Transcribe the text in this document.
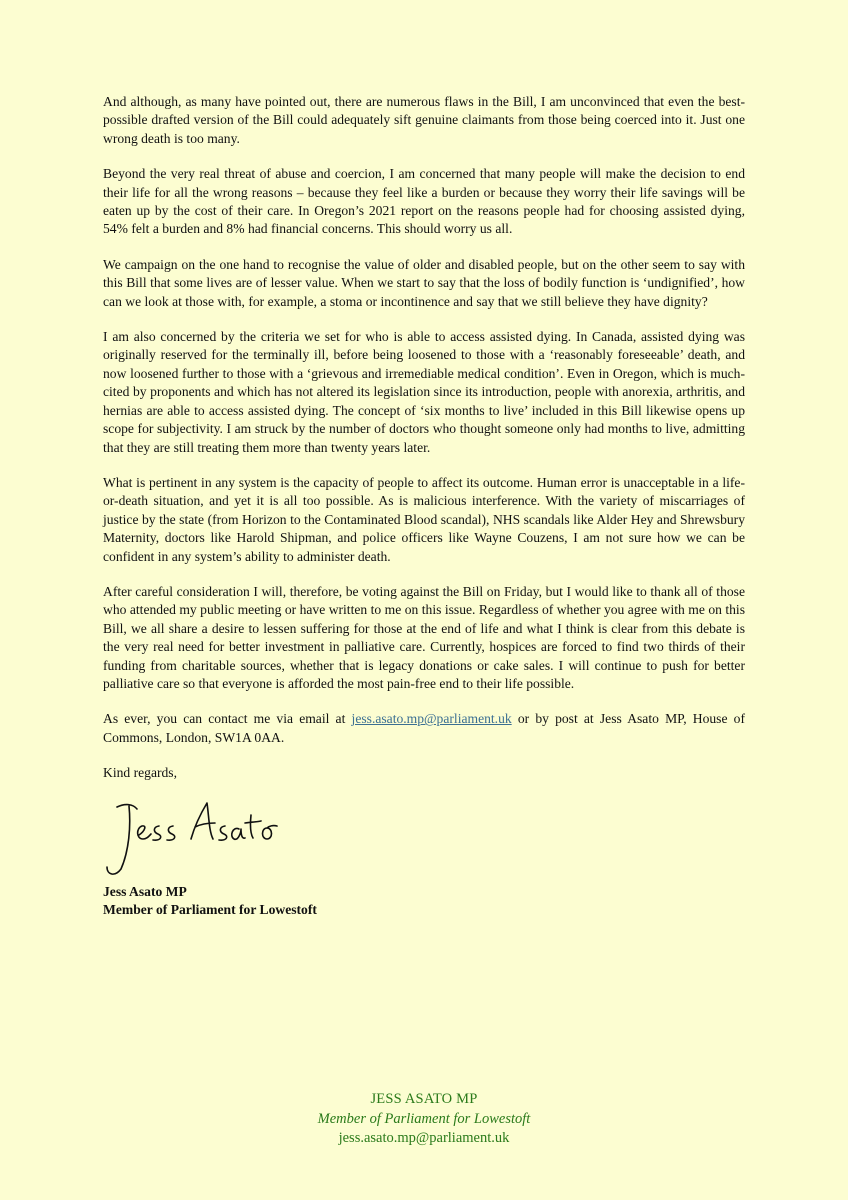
And although, as many have pointed out, there are numerous flaws in the Bill, I am unconvinced that even the best-possible drafted version of the Bill could adequately sift genuine claimants from those being coerced into it. Just one wrong death is too many.

Beyond the very real threat of abuse and coercion, I am concerned that many people will make the decision to end their life for all the wrong reasons – because they feel like a burden or because they worry their life savings will be eaten up by the cost of their care. In Oregon’s 2021 report on the reasons people had for choosing assisted dying, 54% felt a burden and 8% had financial concerns. This should worry us all.

We campaign on the one hand to recognise the value of older and disabled people, but on the other seem to say with this Bill that some lives are of lesser value. When we start to say that the loss of bodily function is ‘undignified’, how can we look at those with, for example, a stoma or incontinence and say that we still believe they have dignity?

I am also concerned by the criteria we set for who is able to access assisted dying. In Canada, assisted dying was originally reserved for the terminally ill, before being loosened to those with a ‘reasonably foreseeable’ death, and now loosened further to those with a ‘grievous and irremediable medical condition’. Even in Oregon, which is much-cited by proponents and which has not altered its legislation since its introduction, people with anorexia, arthritis, and hernias are able to access assisted dying. The concept of ‘six months to live’ included in this Bill likewise opens up scope for subjectivity. I am struck by the number of doctors who thought someone only had months to live, admitting that they are still treating them more than twenty years later.

What is pertinent in any system is the capacity of people to affect its outcome. Human error is unacceptable in a life-or-death situation, and yet it is all too possible. As is malicious interference. With the variety of miscarriages of justice by the state (from Horizon to the Contaminated Blood scandal), NHS scandals like Alder Hey and Shrewsbury Maternity, doctors like Harold Shipman, and police officers like Wayne Couzens, I am not sure how we can be confident in any system’s ability to administer death.

After careful consideration I will, therefore, be voting against the Bill on Friday, but I would like to thank all of those who attended my public meeting or have written to me on this issue. Regardless of whether you agree with me on this Bill, we all share a desire to lessen suffering for those at the end of life and what I think is clear from this debate is the very real need for better investment in palliative care. Currently, hospices are forced to find two thirds of their funding from charitable sources, whether that is legacy donations or cake sales. I will continue to push for better palliative care so that everyone is afforded the most pain-free end to their life possible.

As ever, you can contact me via email at jess.asato.mp@parliament.uk or by post at Jess Asato MP, House of Commons, London, SW1A 0AA.

Kind regards,

Jess Asato MP

Member of Parliament for Lowestoft

JESS ASATO MP
Member of Parliament for Lowestoft
jess.asato.mp@parliament.uk
